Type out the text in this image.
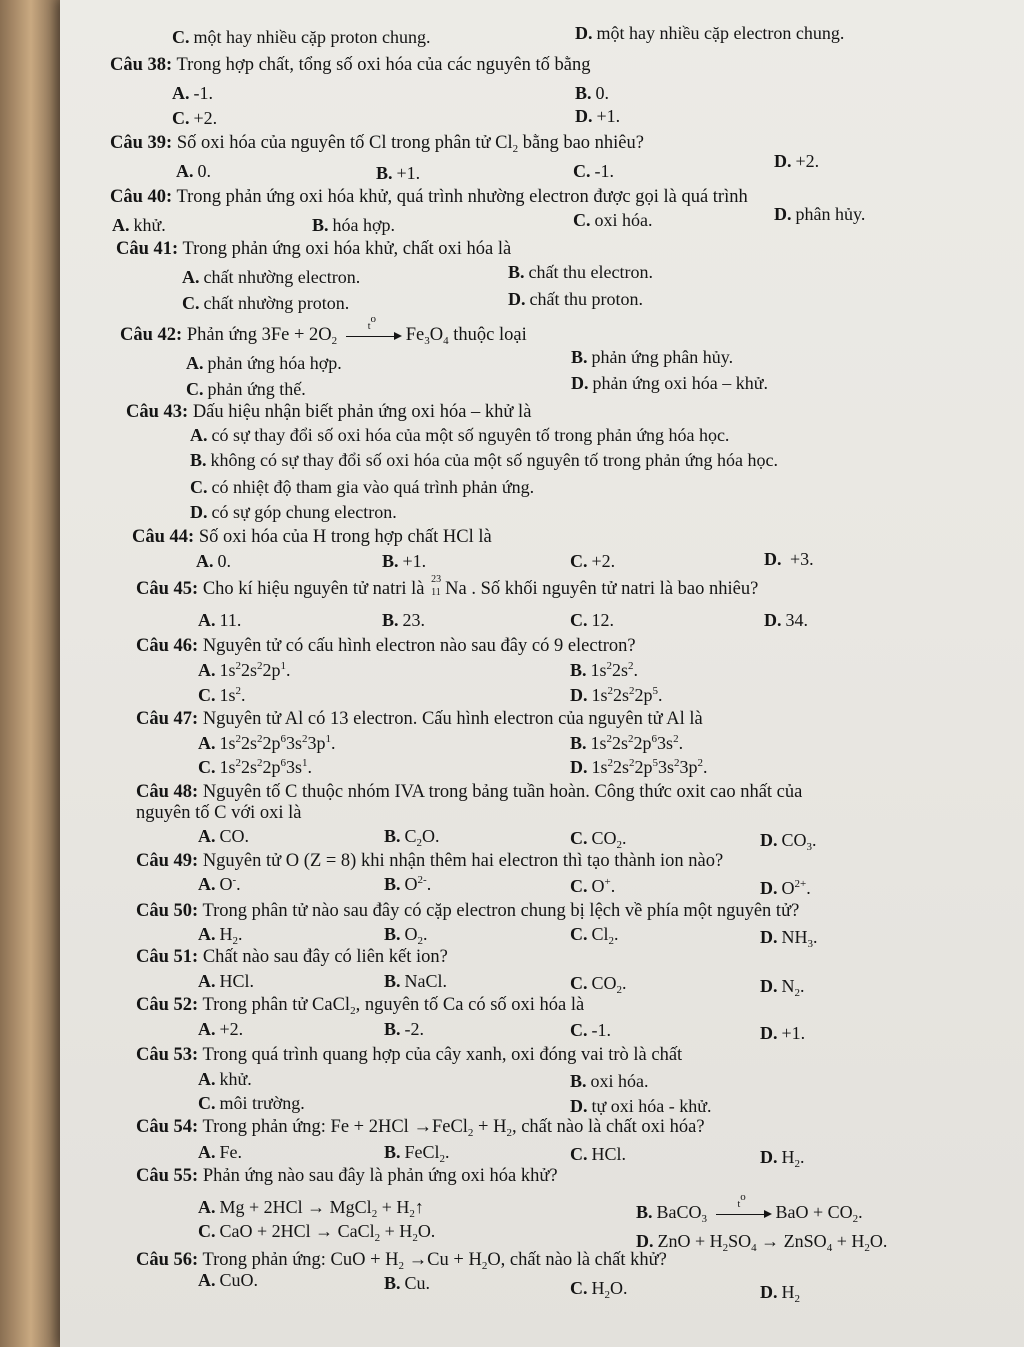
C. một hay nhiều cặp proton chung.	D. một hay nhiều cặp electron chung.
Câu 38: Trong hợp chất, tổng số oxi hóa của các nguyên tố bằng
A. -1.	B. 0.
C. +2.	D. +1.
Câu 39: Số oxi hóa của nguyên tố Cl trong phân tử $Cl_2$ bằng bao nhiêu?
A. 0.	B. +1.	C. -1.	D. +2.
Câu 40: Trong phản ứng oxi hóa khử, quá trình nhường electron được gọi là quá trình
A. khử.	B. hóa hợp.	C. oxi hóa.	D. phân hủy.
Câu 41: Trong phản ứng oxi hóa khử, chất oxi hóa là
A. chất nhường electron.	B. chất thu electron.
C. chất nhường proton.	D. chất thu proton.
Câu 42: Phản ứng $3Fe + 2O_2$
$t^o$
$Fe_3O_4$ thuộc loại
A. phản ứng hóa hợp.	B. phản ứng phân hủy.
C. phản ứng thế.	D. phản ứng oxi hóa – khử.
Câu 43: Dấu hiệu nhận biết phản ứng oxi hóa – khử là
A. có sự thay đổi số oxi hóa của một số nguyên tố trong phản ứng hóa học.
B. không có sự thay đổi số oxi hóa của một số nguyên tố trong phản ứng hóa học.
C. có nhiệt độ tham gia vào quá trình phản ứng.
D. có sự góp chung electron.
Câu 44: Số oxi hóa của H trong hợp chất HCl là
A. 0.	B. +1.	C. +2.	D. +3.
Câu 45: Cho kí hiệu nguyên tử natri là 23
11 Na . Số khối nguyên tử natri là bao nhiêu?
A. 11.	B. 23.	C. 12.	D. 34.
Câu 46: Nguyên tử có cấu hình electron nào sau đây có 9 electron?
A. $1s^22s^22p^1$.	B. $1s^22s^2$.
C. $1s^2$.	D. $1s^22s^22p^5$.
Câu 47: Nguyên tử Al có 13 electron. Cấu hình electron của nguyên tử Al là
A. $1s^22s^22p^63s^23p^1$.	B. $1s^22s^22p^63s^2$.
C. $1s^22s^22p^63s^1$.	D. $1s^22s^22p^53s^23p^2$.
Câu 48: Nguyên tố C thuộc nhóm IVA trong bảng tuần hoàn. Công thức oxit cao nhất của
nguyên tố C với oxi là
A. CO.	B. $C_2O$.	C. $CO_2$.	D. $CO_3$.
Câu 49: Nguyên tử O (Z = 8) khi nhận thêm hai electron thì tạo thành ion nào?
A. O-.	B. $O^{2-}$.	C. O+.	D. $O^{2+}$.
Câu 50: Trong phân tử nào sau đây có cặp electron chung bị lệch về phía một nguyên tử?
A. $H_2$.	B. $O_2$.	C. $Cl_2$.	D. $NH_3$.
Câu 51: Chất nào sau đây có liên kết ion?
A. HCl.	B. NaCl.	C. $CO_2$.	D. $N_2$.
Câu 52: Trong phân tử CaCl$_2$, nguyên tố Ca có số oxi hóa là
A. +2.	B. -2.	C. -1.	D. +1.
Câu 53: Trong quá trình quang hợp của cây xanh, oxi đóng vai trò là chất
A. khử.	B. oxi hóa.
C. môi trường.	D. tự oxi hóa - khử.
Câu 54: Trong phản ứng: Fe + 2HCl →FeCl$_2$ + $H_2$, chất nào là chất oxi hóa?
A. Fe.	B. FeCl$_2$.	C. HCl.	D. $H_2$.
Câu 55: Phản ứng nào sau đây là phản ứng oxi hóa khử?
A. Mg + 2HCl → MgCl$_2$ + $H_2↑$	B. BaCO$_3$
$t^o$
BaO + $CO_2$.
C. CaO + 2HCl → CaCl$_2$ + $H_2O$.	D. ZnO + $H_2SO_4$ → ZnSO$_4$ + $H_2O$.
Câu 56: Trong phản ứng: CuO + $H_2 \to Cu + H_2O$, chất nào là chất khử?
A. CuO.	B. Cu.	C. $H_2O$.	D. $H_2$
